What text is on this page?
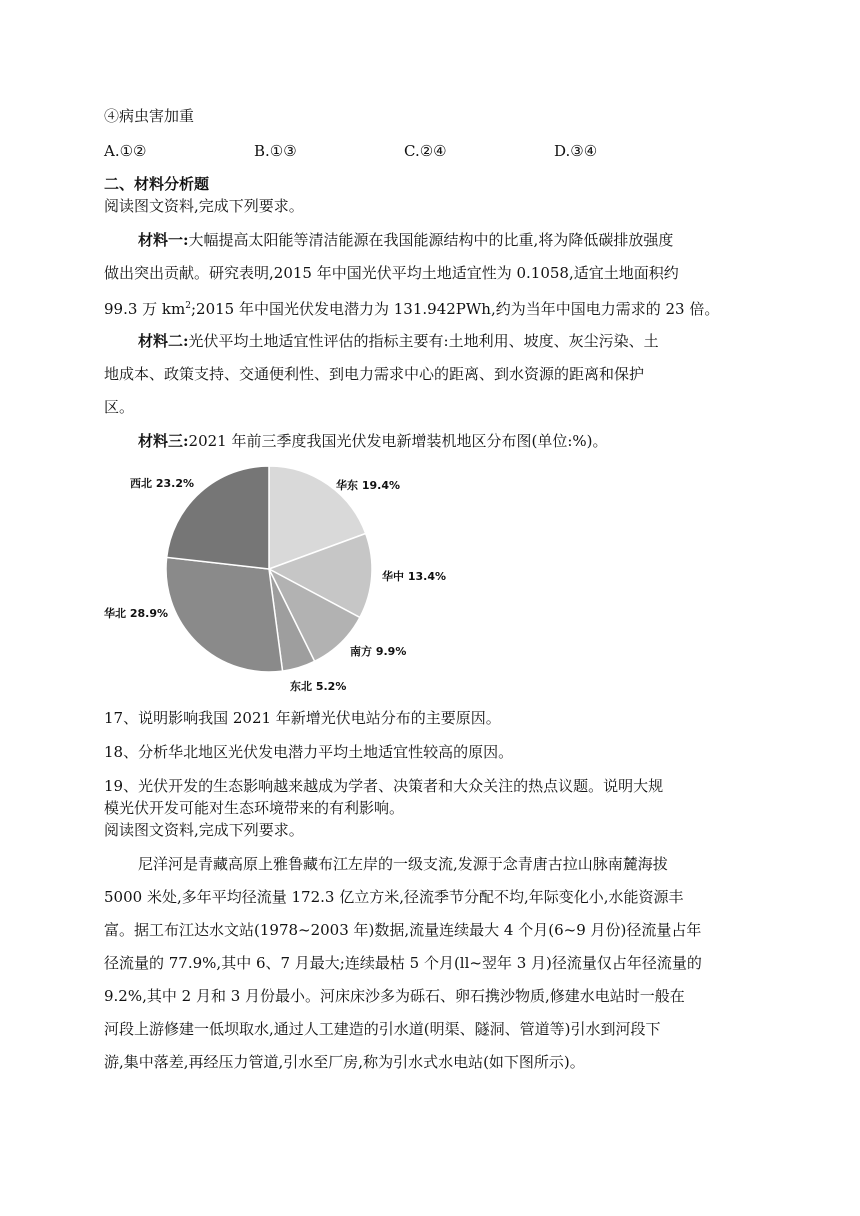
④病虫害加重
A.①②	B.①③	C.②④	D.③④
二、材料分析题
阅读图文资料,完成下列要求。
材料一:大幅提高太阳能等清洁能源在我国能源结构中的比重,将为降低碳排放强度
做出突出贡献。研究表明,2015 年中国光伏平均土地适宜性为 0.1058,适宜土地面积约
99.3 万 $km^2;2015$ 年中国光伏发电潜力为 131.942PWh,约为当年中国电力需求的 23 倍。
材料二:光伏平均土地适宜性评估的指标主要有:土地利用、坡度、灰尘污染、土
地成本、政策支持、交通便利性、到电力需求中心的距离、到水资源的距离和保护
区。
材料三:2021 年前三季度我国光伏发电新增装机地区分布图(单位:%)。
华东 19.4%
华中 13.4%
南方 9.9%
东北 5.2%
华北 28.9%
西北 23.2%
17、说明影响我国 2021 年新增光伏电站分布的主要原因。
18、分析华北地区光伏发电潜力平均土地适宜性较高的原因。
19、光伏开发的生态影响越来越成为学者、决策者和大众关注的热点议题。说明大规
模光伏开发可能对生态环境带来的有利影响。
阅读图文资料,完成下列要求。
尼洋河是青藏高原上雅鲁藏布江左岸的一级支流,发源于念青唐古拉山脉南麓海拔
5000 米处,多年平均径流量 172.3 亿立方米,径流季节分配不均,年际变化小,水能资源丰
富。据工布江达水文站(1978~2003 年)数据,流量连续最大 4 个月(6~9 月份)径流量占年
径流量的 77.9%,其中 6、7 月最大;连续最枯 5 个月(ll~翌年 3 月)径流量仅占年径流量的
9.2%,其中 2 月和 3 月份最小。河床床沙多为砾石、卵石携沙物质,修建水电站时一般在
河段上游修建一低坝取水,通过人工建造的引水道(明渠、隧洞、管道等)引水到河段下
游,集中落差,再经压力管道,引水至厂房,称为引水式水电站(如下图所示)。
